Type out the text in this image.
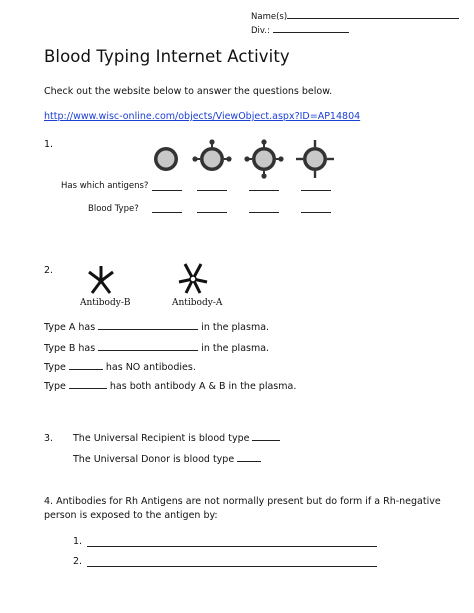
Name(s)
Div.:
Blood Typing Internet Activity
Check out the website below to answer the questions below.
http://www.wisc-online.com/objects/ViewObject.aspx?ID=AP14804
1.
Has which antigens?
Blood Type?
2.
Antibody-B	Antibody-A
Type A has	in the plasma.
Type B has	in the plasma.
Type	has NO antibodies.
Type	has both antibody A & B in the plasma.
3. The Universal Recipient is blood type
The Universal Donor is blood type
4. Antibodies for Rh Antigens are not normally present but do form if a Rh-negative
person is exposed to the antigen by:
1.
2.
